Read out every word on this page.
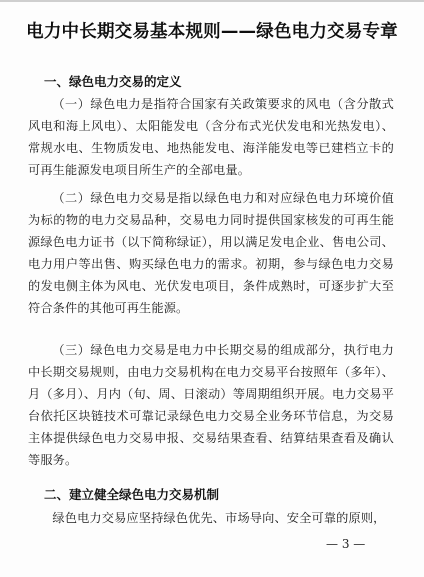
电力中长期交易基本规则——绿色电力交易专章
一、绿色电力交易的定义

（一）绿色电力是指符合国家有关政策要求的风电（含分散式风电和海上风电）、太阳能发电（含分布式光伏发电和光热发电）、常规水电、生物质发电、地热能发电、海洋能发电等已建档立卡的可再生能源发电项目所生产的全部电量。

（二）绿色电力交易是指以绿色电力和对应绿色电力环境价值为标的物的电力交易品种，交易电力同时提供国家核发的可再生能源绿色电力证书（以下简称绿证），用以满足发电企业、售电公司、电力用户等出售、购买绿色电力的需求。初期，参与绿色电力交易的发电侧主体为风电、光伏发电项目，条件成熟时，可逐步扩大至符合条件的其他可再生能源。

（三）绿色电力交易是电力中长期交易的组成部分，执行电力中长期交易规则，由电力交易机构在电力交易平台按照年（多年）、月（多月）、月内（旬、周、日滚动）等周期组织开展。电力交易平台依托区块链技术可靠记录绿色电力交易全业务环节信息，为交易主体提供绿色电力交易申报、交易结果查看、结算结果查看及确认等服务。

二、建立健全绿色电力交易机制

绿色电力交易应坚持绿色优先、市场导向、安全可靠的原则，

— 3 —
